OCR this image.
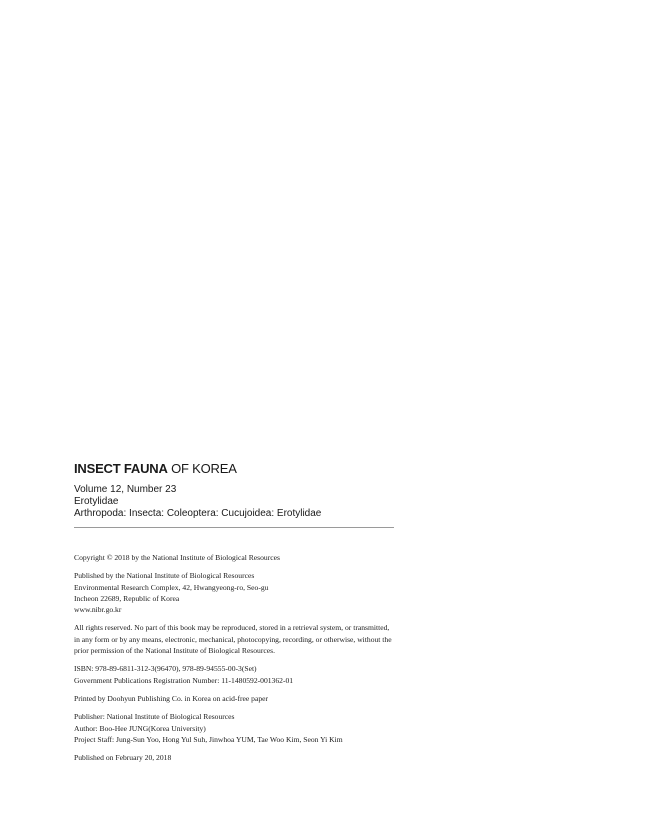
INSECT FAUNA OF KOREA
Volume 12, Number 23
Erotylidae
Arthropoda: Insecta: Coleoptera: Cucujoidea: Erotylidae

Copyright © 2018 by the National Institute of Biological Resources

Published by the National Institute of Biological Resources
Environmental Research Complex, 42, Hwangyeong-ro, Seo-gu
Incheon 22689, Republic of Korea
www.nibr.go.kr

All rights reserved. No part of this book may be reproduced, stored in a retrieval system, or transmitted,
in any form or by any means, electronic, mechanical, photocopying, recording, or otherwise, without the
prior permission of the National Institute of Biological Resources.

ISBN: 978-89-6811-312-3(96470), 978-89-94555-00-3(Set)
Government Publications Registration Number: 11-1480592-001362-01

Printed by Doohyun Publishing Co. in Korea on acid-free paper

Publisher: National Institute of Biological Resources
Author: Boo-Hee JUNG(Korea University)
Project Staff: Jung-Sun Yoo, Hong Yul Suh, Jinwhoa YUM, Tae Woo Kim, Seon Yi Kim

Published on February 20, 2018
